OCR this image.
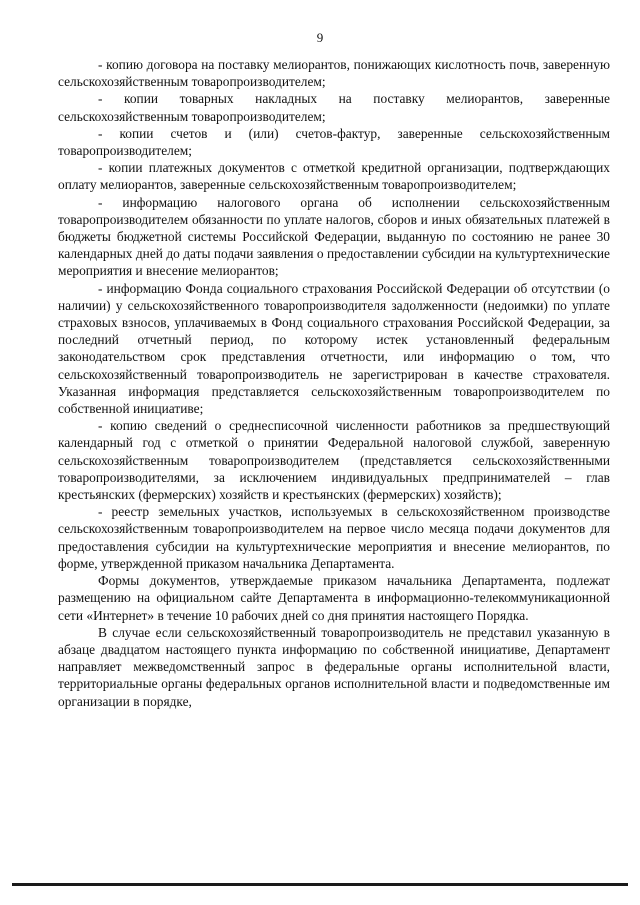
9

- копию договора на поставку мелиорантов, понижающих кислотность почв, заверенную сельскохозяйственным товаропроизводителем;

- копии товарных накладных на поставку мелиорантов, заверенные сельскохозяйственным товаропроизводителем;

- копии счетов и (или) счетов-фактур, заверенные сельскохозяйственным товаропроизводителем;

- копии платежных документов с отметкой кредитной организации, подтверждающих оплату мелиорантов, заверенные сельскохозяйственным товаропроизводителем;

- информацию налогового органа об исполнении сельскохозяйственным товаропроизводителем обязанности по уплате налогов, сборов и иных обязательных платежей в бюджеты бюджетной системы Российской Федерации, выданную по состоянию не ранее 30 календарных дней до даты подачи заявления о предоставлении субсидии на культуртехнические мероприятия и внесение мелиорантов;

- информацию Фонда социального страхования Российской Федерации об отсутствии (о наличии) у сельскохозяйственного товаропроизводителя задолженности (недоимки) по уплате страховых взносов, уплачиваемых в Фонд социального страхования Российской Федерации, за последний отчетный период, по которому истек установленный федеральным законодательством срок представления отчетности, или информацию о том, что сельскохозяйственный товаропроизводитель не зарегистрирован в качестве страхователя. Указанная информация представляется сельскохозяйственным товаропроизводителем по собственной инициативе;

- копию сведений о среднесписочной численности работников за предшествующий календарный год с отметкой о принятии Федеральной налоговой службой, заверенную сельскохозяйственным товаропроизводителем (представляется сельскохозяйственными товаропроизводителями, за исключением индивидуальных предпринимателей – глав крестьянских (фермерских) хозяйств и крестьянских (фермерских) хозяйств);

- реестр земельных участков, используемых в сельскохозяйственном производстве сельскохозяйственным товаропроизводителем на первое число месяца подачи документов для предоставления субсидии на культуртехнические мероприятия и внесение мелиорантов, по форме, утвержденной приказом начальника Департамента.

Формы документов, утверждаемые приказом начальника Департамента, подлежат размещению на официальном сайте Департамента в информационно-телекоммуникационной сети «Интернет» в течение 10 рабочих дней со дня принятия настоящего Порядка.

В случае если сельскохозяйственный товаропроизводитель не представил указанную в абзаце двадцатом настоящего пункта информацию по собственной инициативе, Департамент направляет межведомственный запрос в федеральные органы исполнительной власти, территориальные органы федеральных органов исполнительной власти и подведомственные им организации в порядке,
